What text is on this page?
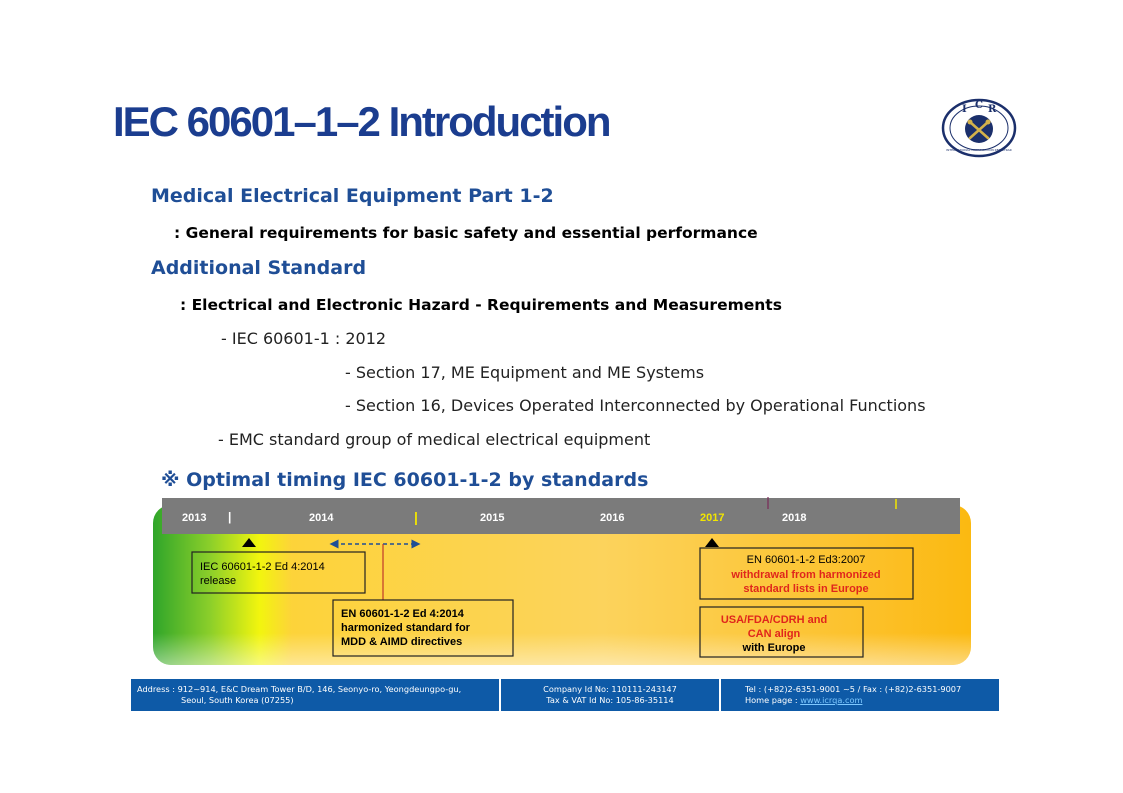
IEC 60601–1–2 Introduction	I C R
INTERNATIONAL CERTIFICATION REGISTRAR
Medical Electrical Equipment Part 1-2
: General requirements for basic safety and essential performance
Additional Standard
: Electrical and Electronic Hazard - Requirements and Measurements
- IEC 60601-1 : 2012
- Section 17, ME Equipment and ME Systems
- Section 16, Devices Operated Interconnected by Operational Functions
- EMC standard group of medical electrical equipment
※ Optimal timing IEC 60601-1-2 by standards
2013 |	2014	|	2015	2016	2017	2018
IEC 60601-1-2 Ed 4:2014
release
EN 60601-1-2 Ed 4:2014
harmonized standard for
MDD & AIMD directives
EN 60601-1-2 Ed3:2007
withdrawal from harmonized
standard lists in Europe
USA/FDA/CDRH and
CAN align
with Europe
Address : 912~914, E&C Dream Tower B/D, 146, Seonyo-ro, Yeongdeungpo-gu,
Seoul, South Korea (07255)
Company Id No: 110111-243147
Tax & VAT Id No: 105-86-35114
Tel : (+82)2-6351-9001 ~5 / Fax : (+82)2-6351-9007
Home page : www.icrqa.com
